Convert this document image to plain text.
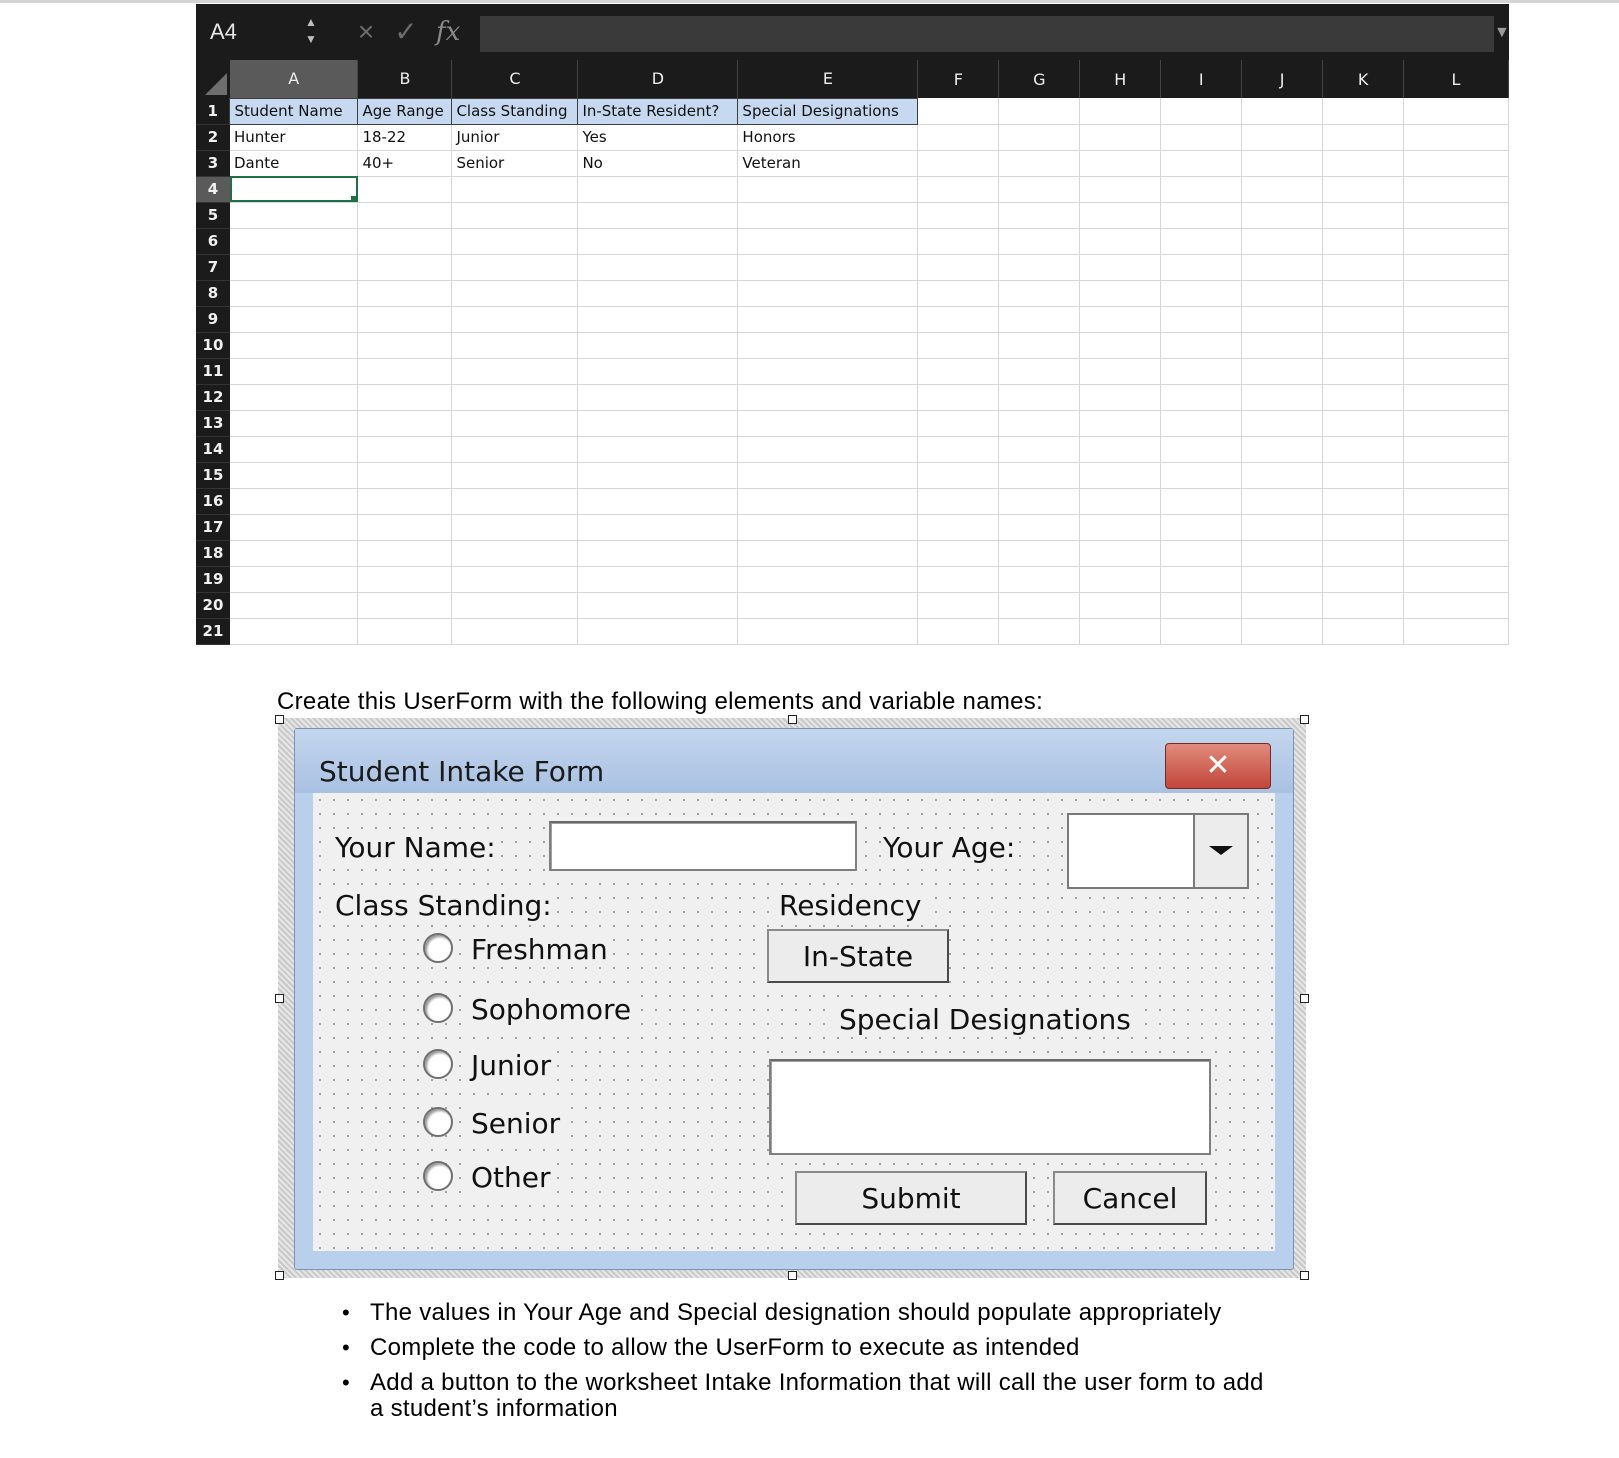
A4	▲
▼ × ✓ fx	▼
	A	B	C	D	E	F	G	H	I	J	K	L
1	Student Name	Age Range	Class Standing	In-State Resident?	Special Designations							
2	Hunter	18-22	Junior	Yes	Honors							
3	Dante	40+	Senior	No	Veteran							
4												
5												
6												
7												
8												
9												
10												
11												
12												
13												
14												
15												
16												
17												
18												
19												
20												
21												
Create this UserForm with the following elements and variable names:
Student Intake Form	✕
Your Name:	Your Age:
Class Standing:
Freshman
Sophomore
Junior
Senior
Other
Residency
In-State
Special Designations
Submit	Cancel
• The values in Your Age and Special designation should populate appropriately
• Complete the code to allow the UserForm to execute as intended
• Add a button to the worksheet Intake Information that will call the user form to add a student’s information
